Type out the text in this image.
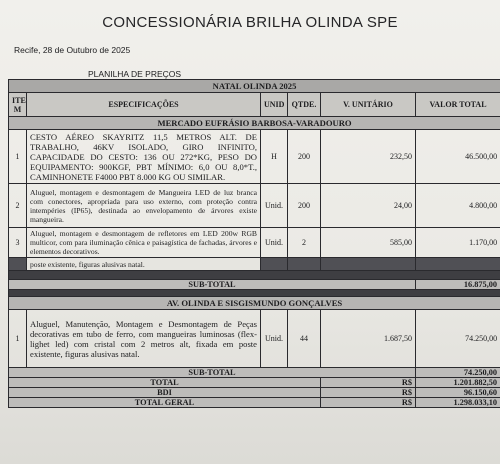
CONCESSIONÁRIA BRILHA OLINDA SPE
Recife, 28 de Outubro de 2025
PLANILHA DE PREÇOS
NATAL OLINDA 2025					
ITE M	ESPECIFICAÇÕES	UNID	QTDE.	V. UNITÁRIO	VALOR TOTAL
MERCADO EUFRÁSIO BARBOSA-VARADOURO					
1	CESTO AÉREO SKAYRITZ 11,5 METROS ALT. DE TRABALHO, 46KV ISOLADO, GIRO INFINITO, CAPACIDADE DO CESTO: 136 OU 272*KG, PESO DO EQUIPAMENTO: 900KGF, PBT MÍNIMO: 6,0 OU 8,0*T., CAMINHONETE F4000 PBT 8.000 KG OU SIMILAR.	H	200	232,50	46.500,00
2	Aluguel, montagem e desmontagem de Mangueira LED de luz branca com conectores, apropriada para uso externo, com proteção contra intempéries (IP65), destinada ao envelopamento de árvores existe mangueira.	Unid.	200	24,00	4.800,00
3	Aluguel, montagem e desmontagem de refletores em LED 200w RGB multicor, com para iluminação cênica e paisagística de fachadas, árvores e elementos decorativos.	Unid.	2	585,00	1.170,00
	poste existente, figuras alusivas natal.				

SUB-TOTAL					16.875,00

AV. OLINDA E SISGISMUNDO GONÇALVES					
1	Aluguel, Manutenção, Montagem e Desmontagem de Peças decorativas em tubo de ferro, com mangueiras luminosas (flex-lighet led) com cristal com 2 metros alt, fixada em poste existente, figuras alusivas natal.	Unid.	44	1.687,50	74.250,00
SUB-TOTAL					74.250,00
TOTAL				R$	1.201.882,50
BDI				R$	96.150,60
TOTAL GERAL				R$	1.298.033,10
